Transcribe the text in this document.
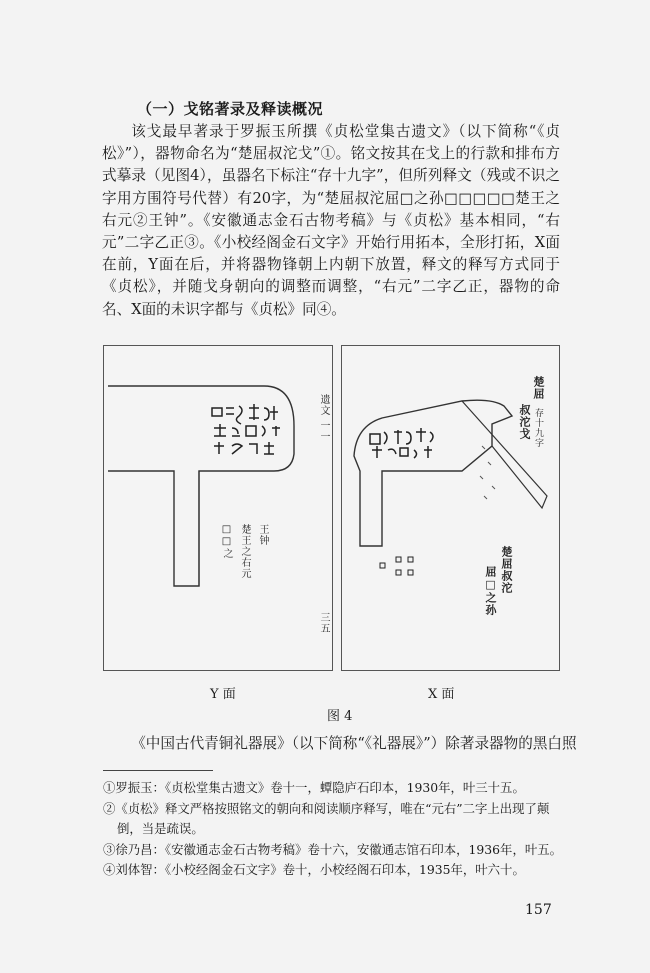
（一）戈铭著录及释读概况

该戈最早著录于罗振玉所撰《贞松堂集古遗文》（以下简称“《贞松》”），器物命名为“楚屈叔沱戈”①。铭文按其在戈上的行款和排布方式摹录（见图4），虽器名下标注“存十九字”，但所列释文（残或不识之字用方围符号代替）有20字，为“楚屈叔沱屈□之孙□□□□□楚王之右元②王钟”。《安徽通志金石古物考稿》与《贞松》基本相同，“右元”二字乙正③。《小校经阁金石文字》开始行用拓本，全形打拓，X面在前，Y面在后，并将器物锋朝上内朝下放置，释文的释写方式同于《贞松》，并随戈身朝向的调整而调整，“右元”二字乙正，器物的命名、X面的未识字都与《贞松》同④。

遗文 一一
三五
王钟
楚王之右元
□□之
楚屈
叔沱戈 存十九字
楚屈叔沱
屈□之孙
Y 面	X 面
图 4
《中国古代青铜礼器展》（以下简称“《礼器展》”）除著录器物的黑白照
①罗振玉：《贞松堂集古遗文》卷十一，蟫隐庐石印本，1930年，叶三十五。
②《贞松》释文严格按照铭文的朝向和阅读顺序释写，唯在“元右”二字上出现了颠倒，当是疏误。
③徐乃昌：《安徽通志金石古物考稿》卷十六，安徽通志馆石印本，1936年，叶五。
④刘体智：《小校经阁金石文字》卷十，小校经阁石印本，1935年，叶六十。
157
